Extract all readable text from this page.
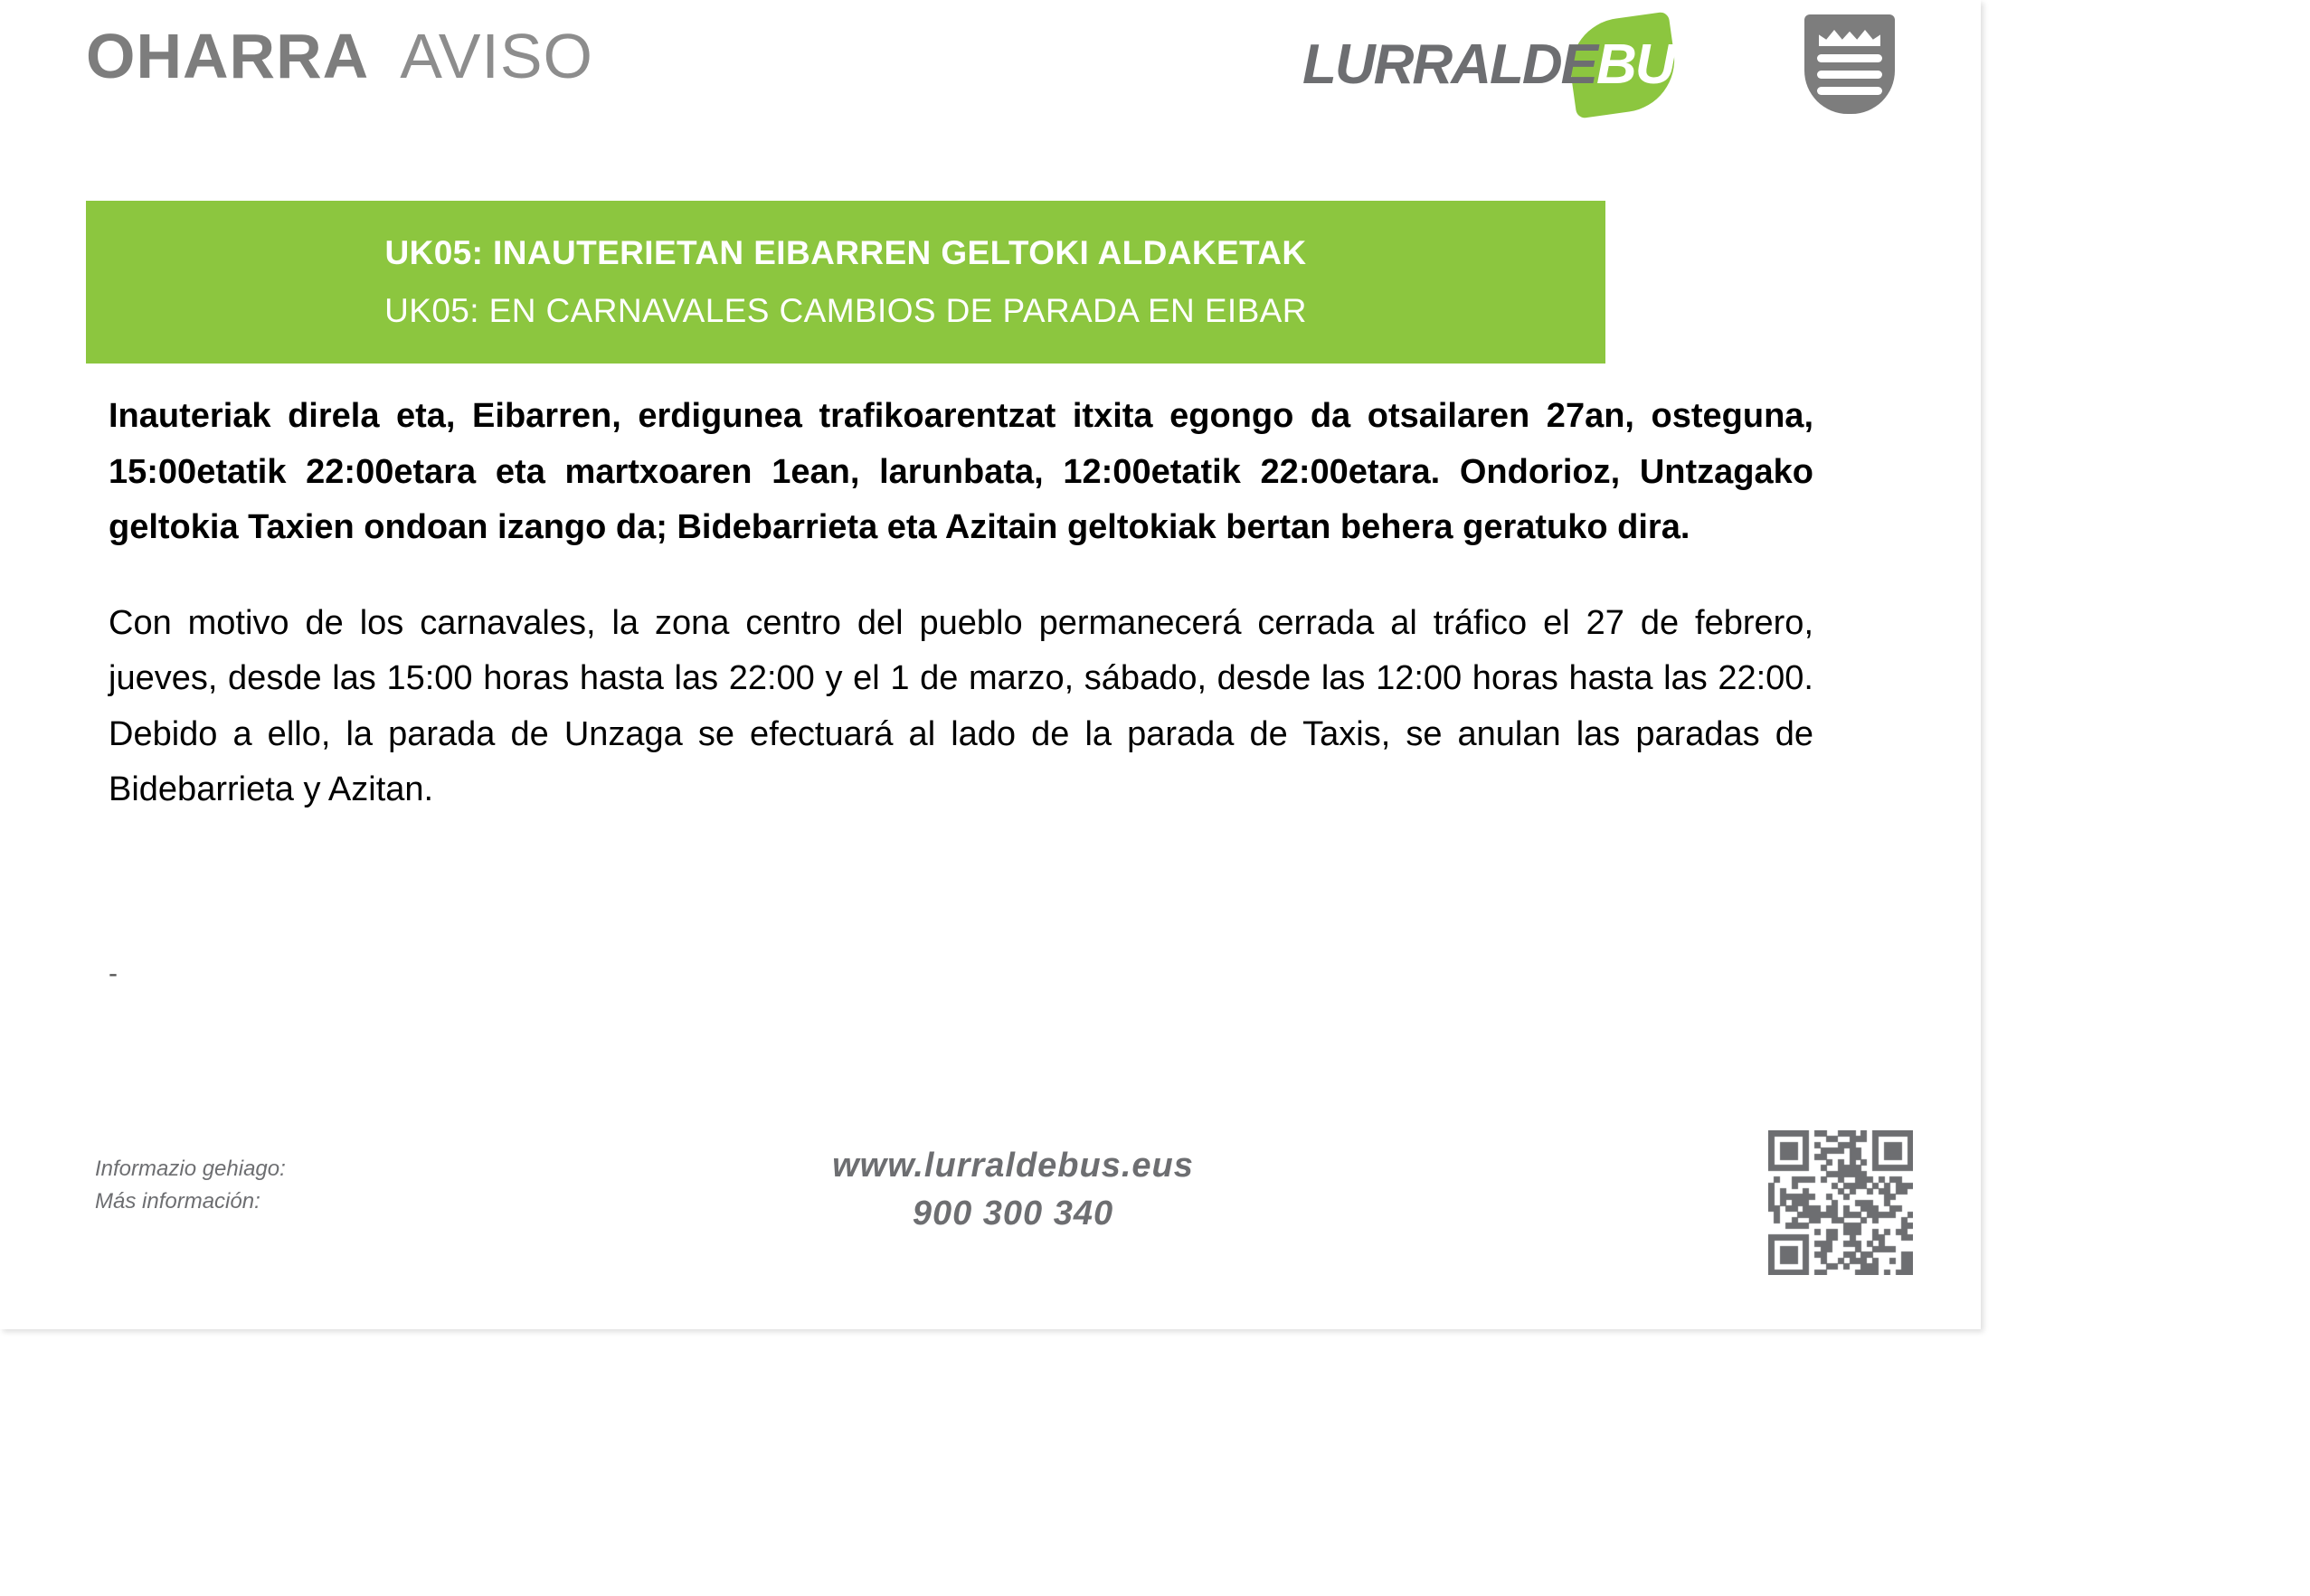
OHARRA AVISO	LURRALDEBUS
UK05: INAUTERIETAN EIBARREN GELTOKI ALDAKETAK
UK05: EN CARNAVALES CAMBIOS DE PARADA EN EIBAR

Inauteriak direla eta, Eibarren, erdigunea trafikoarentzat itxita egongo da otsailaren 27an, osteguna, 15:00etatik 22:00etara eta martxoaren 1ean, larunbata, 12:00etatik 22:00etara. Ondorioz, Untzagako geltokia Taxien ondoan izango da; Bidebarrieta eta Azitain geltokiak bertan behera geratuko dira.

Con motivo de los carnavales, la zona centro del pueblo permanecerá cerrada al tráfico el 27 de febrero, jueves, desde las 15:00 horas hasta las 22:00 y el 1 de marzo, sábado, desde las 12:00 horas hasta las 22:00. Debido a ello, la parada de Unzaga se efectuará al lado de la parada de Taxis, se anulan las paradas de Bidebarrieta y Azitan.

-
Informazio gehiago:
Más información:
www.lurraldebus.eus
900 300 340
